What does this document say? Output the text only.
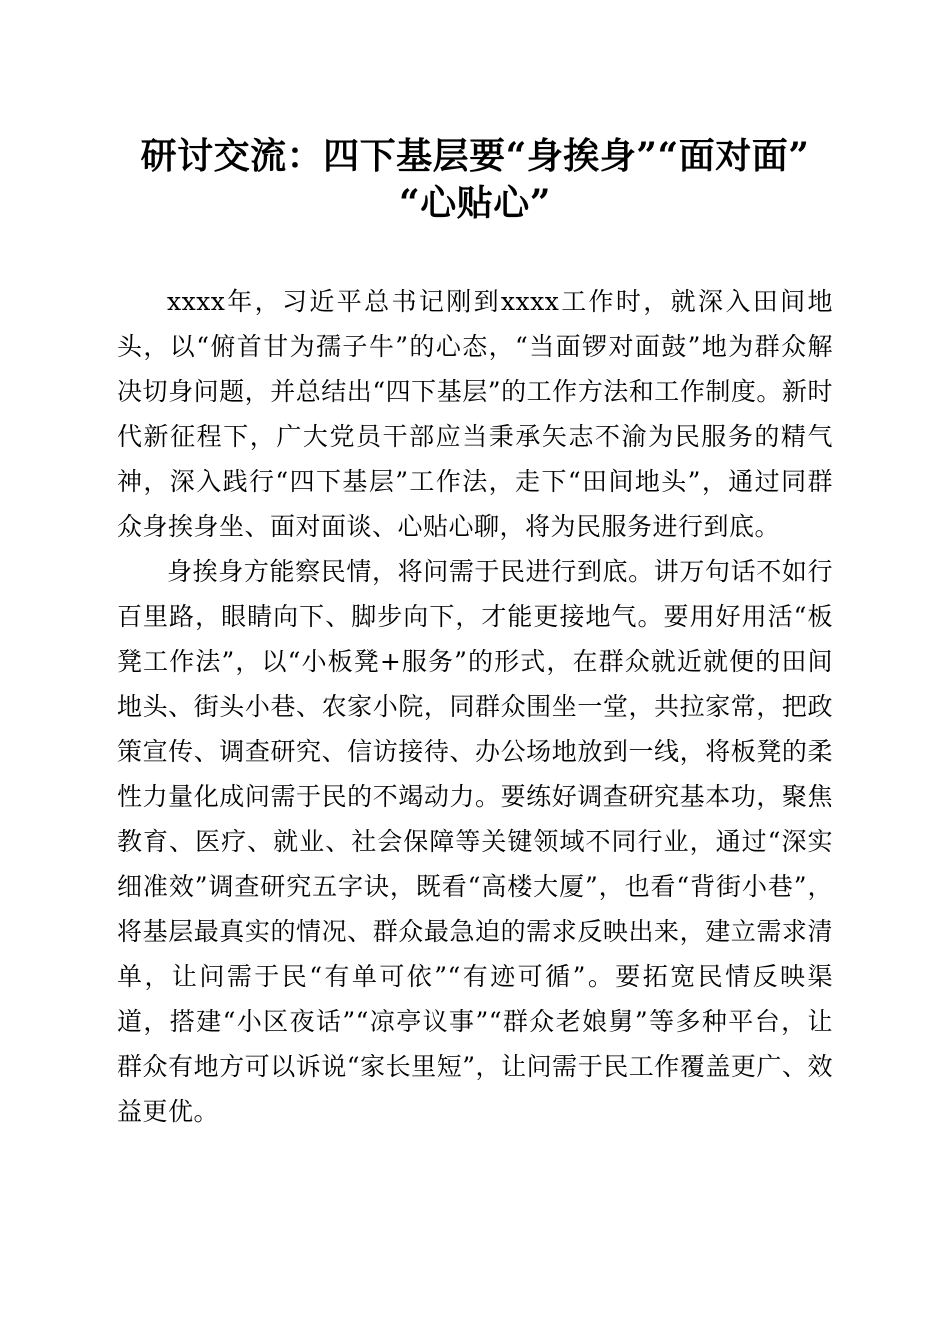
研讨交流：四下基层要“身挨身”“面对面”“心贴心”

xxxx年，习近平总书记刚到xxxx工作时，就深入田间地头，以“俯首甘为孺子牛”的心态，“当面锣对面鼓”地为群众解决切身问题，并总结出“四下基层”的工作方法和工作制度。新时代新征程下，广大党员干部应当秉承矢志不渝为民服务的精气神，深入践行“四下基层”工作法，走下“田间地头”，通过同群众身挨身坐、面对面谈、心贴心聊，将为民服务进行到底。

身挨身方能察民情，将问需于民进行到底。讲万句话不如行百里路，眼睛向下、脚步向下，才能更接地气。要用好用活“板凳工作法”，以“小板凳+服务”的形式，在群众就近就便的田间地头、街头小巷、农家小院，同群众围坐一堂，共拉家常，把政策宣传、调查研究、信访接待、办公场地放到一线，将板凳的柔性力量化成问需于民的不竭动力。要练好调查研究基本功，聚焦教育、医疗、就业、社会保障等关键领域不同行业，通过“深实细准效”调查研究五字诀，既看“高楼大厦”，也看“背街小巷”，将基层最真实的情况、群众最急迫的需求反映出来，建立需求清单，让问需于民“有单可依”“有迹可循”。要拓宽民情反映渠道，搭建“小区夜话”“凉亭议事”“群众老娘舅”等多种平台，让群众有地方可以诉说“家长里短”，让问需于民工作覆盖更广、效益更优。
